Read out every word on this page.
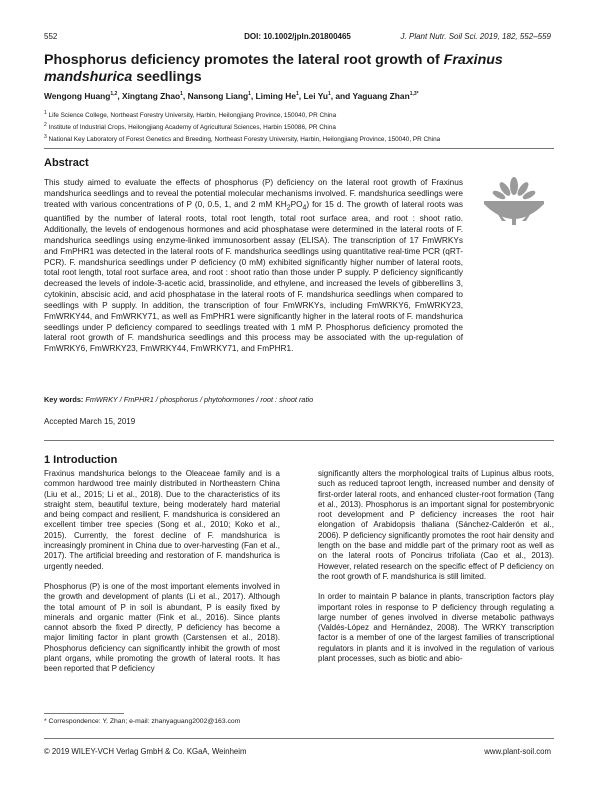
552	DOI: 10.1002/jpln.201800465	J. Plant Nutr. Soil Sci. 2019, 182, 552–559
Phosphorus deficiency promotes the lateral root growth of Fraxinus mandshurica seedlings
Wengong Huang$^{1,2}$, Xingtang Zhao$^1$, Nansong Liang$^1$, Liming He$^1$, Lei Yu$^1$, and Yaguang Zhan$^{1,3*}$
$^1$ Life Science College, Northeast Forestry University, Harbin, Heilongjiang Province, 150040, PR China
$^2$ Institute of Industrial Crops, Heilongjiang Academy of Agricultural Sciences, Harbin 150086, PR China
$^3$ National Key Laboratory of Forest Genetics and Breeding, Northeast Forestry University, Harbin, Heilongjiang Province, 150040, PR China
Abstract

This study aimed to evaluate the effects of phosphorus (P) deficiency on the lateral root growth of Fraxinus mandshurica seedlings and to reveal the potential molecular mechanisms involved. F. mandshurica seedlings were treated with various concentrations of P (0, 0.5, 1, and 2 mM $KH_2PO_4$) for 15 d. The growth of lateral roots was quantified by the number of lateral roots, total root length, total root surface area, and root : shoot ratio. Additionally, the levels of endogenous hormones and acid phosphatase were determined in the lateral roots of F. mandshurica seedlings using enzyme-linked immunosorbent assay (ELISA). The transcription of 17 FmWRKYs and FmPHR1 was detected in the lateral roots of F. mandshurica seedlings using quantitative real-time PCR (qRT-PCR). F. mandshurica seedlings under P deficiency (0 mM) exhibited significantly higher number of lateral roots, total root length, total root surface area, and root : shoot ratio than those under P supply. P deficiency significantly decreased the levels of indole-3-acetic acid, brassinolide, and ethylene, and increased the levels of gibberellins 3, cytokinin, abscisic acid, and acid phosphatase in the lateral roots of F. mandshurica seedlings when compared to seedlings with P supply. In addition, the transcription of four FmWRKYs, including FmWRKY6, FmWRKY23, FmWRKY44, and FmWRKY71, as well as FmPHR1 were significantly higher in the lateral roots of F. mandshurica seedlings under P deficiency compared to seedlings treated with 1 mM P. Phosphorus deficiency promoted the lateral root growth of F. mandshurica seedlings and this process may be associated with the up-regulation of FmWRKY6, FmWRKY23, FmWRKY44, FmWRKY71, and FmPHR1.

Key words: FmWRKY / FmPHR1 / phosphorus / phytohormones / root : shoot ratio
Accepted March 15, 2019
1 Introduction

Fraxinus mandshurica belongs to the Oleaceae family and is a common hardwood tree mainly distributed in Northeastern China (Liu et al., 2015; Li et al., 2018). Due to the characteristics of its straight stem, beautiful texture, being moderately hard material and being compact and resilient, F. mandshurica is considered an excellent timber tree species (Song et al., 2010; Koko et al., 2015). Currently, the forest decline of F. mandshurica is increasingly prominent in China due to over-harvesting (Fan et al., 2017). The artificial breeding and restoration of F. mandshurica is urgently needed.

Phosphorus (P) is one of the most important elements involved in the growth and development of plants (Li et al., 2017). Although the total amount of P in soil is abundant, P is easily fixed by minerals and organic matter (Fink et al., 2016). Since plants cannot absorb the fixed P directly, P deficiency has become a major limiting factor in plant growth (Carstensen et al., 2018). Phosphorus deficiency can significantly inhibit the growth of most plant organs, while promoting the growth of lateral roots. It has been reported that P deficiency

significantly alters the morphological traits of Lupinus albus roots, such as reduced taproot length, increased number and density of first-order lateral roots, and enhanced cluster-root formation (Tang et al., 2013). Phosphorus is an important signal for postembryonic root development and P deficiency increases the root hair elongation of Arabidopsis thaliana (Sánchez-Calderón et al., 2006). P deficiency significantly promotes the root hair density and length on the base and middle part of the primary root as well as on the lateral roots of Poncirus trifoliata (Cao et al., 2013). However, related research on the specific effect of P deficiency on the root growth of F. mandshurica is still limited.

In order to maintain P balance in plants, transcription factors play important roles in response to P deficiency through regulating a large number of genes involved in diverse metabolic pathways (Valdés-López and Hernández, 2008). The WRKY transcription factor is a member of one of the largest families of transcriptional regulators in plants and it is involved in the regulation of various plant processes, such as biotic and abio-

* Correspondence: Y. Zhan; e-mail: zhanyaguang2002@163.com
© 2019 WILEY-VCH Verlag GmbH & Co. KGaA, Weinheim	www.plant-soil.com
